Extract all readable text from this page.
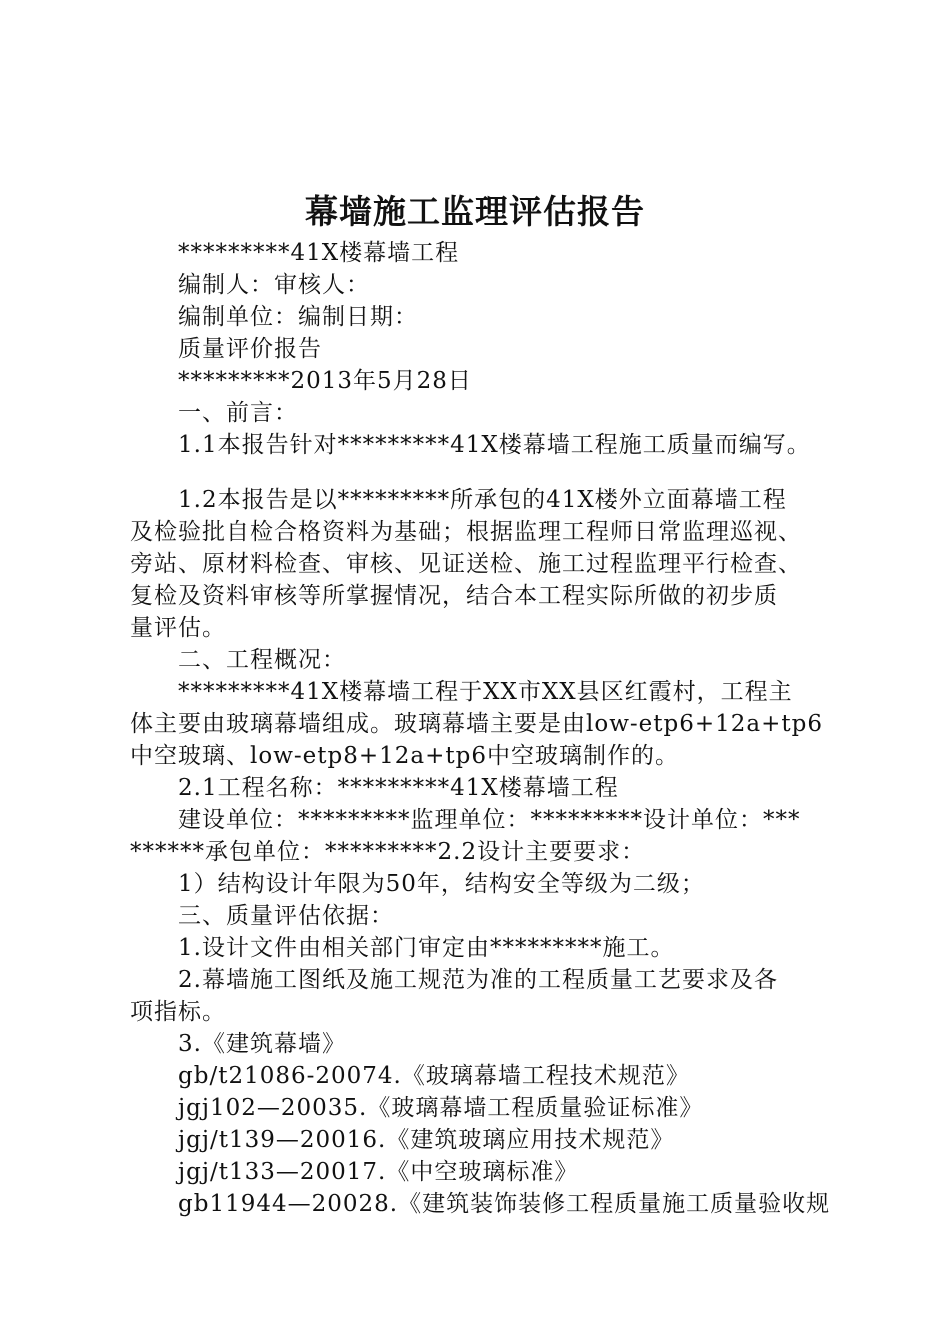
幕墙施工监理评估报告
*********41X楼幕墙工程
编制人：审核人：
编制单位：编制日期：
质量评价报告
*********2013年5月28日
一、前言：
1.1本报告针对*********41X楼幕墙工程施工质量而编写。
1.2本报告是以*********所承包的41X楼外立面幕墙工程
及检验批自检合格资料为基础；根据监理工程师日常监理巡视、
旁站、原材料检查、审核、见证送检、施工过程监理平行检查、
复检及资料审核等所掌握情况，结合本工程实际所做的初步质
量评估。
二、工程概况：
*********41X楼幕墙工程于XX市XX县区红霞村，工程主
体主要由玻璃幕墙组成。玻璃幕墙主要是由low-etp6+12a+tp6
中空玻璃、low-etp8+12a+tp6中空玻璃制作的。
2.1工程名称：*********41X楼幕墙工程
建设单位：*********监理单位：*********设计单位：***
******承包单位：*********2.2设计主要要求：
1）结构设计年限为50年，结构安全等级为二级；
三、质量评估依据：
1.设计文件由相关部门审定由*********施工。
2.幕墙施工图纸及施工规范为准的工程质量工艺要求及各
项指标。
3.《建筑幕墙》
gb/t21086-20074.《玻璃幕墙工程技术规范》
jgj102—20035.《玻璃幕墙工程质量验证标准》
jgj/t139—20016.《建筑玻璃应用技术规范》
jgj/t133—20017.《中空玻璃标准》
gb11944—20028.《建筑装饰装修工程质量施工质量验收规
